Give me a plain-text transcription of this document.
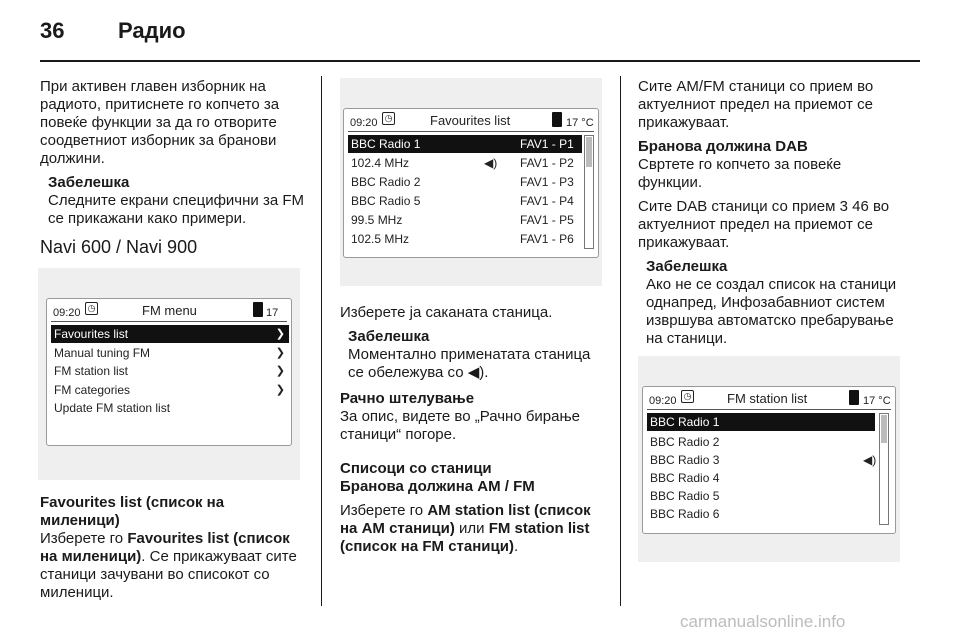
36 Радио

При активен главен изборник на радиото, притиснете го копчето за повеќе функции за да го отворите соодветниот изборник за бранови должини.

Забелешка
Следните екрани специфични за FM се прикажани како примери.
Navi 600 / Navi 900
09:20 ◷	FM menu	17
Favourites list	❯
Manual tuning FM	❯
FM station list	❯
FM categories	❯
Update FM station list
Favourites list (список на миленици)

Изберете го Favourites list (список на миленици). Се прикажуваат сите станици зачувани во списокот со миленици.

09:20 ◷	Favourites list	17 °C
BBC Radio 1	FAV1 - P1
102.4 MHz	◀) FAV1 - P2
BBC Radio 2	FAV1 - P3
BBC Radio 5	FAV1 - P4
99.5 MHz	FAV1 - P5
102.5 MHz	FAV1 - P6

Изберете ја саканата станица.

Забелешка
Моментално применатата станица се обележува со ◀).
Рачно штелување

За опис, видете во „Рачно бирање станици“ погоре.

Списоци со станици
Бранова должина AM / FM

Изберете го AM station list (список на AM станици) или FM station list (список на FM станици).

Сите AM/FM станици со прием во актуелниот предел на приемот се прикажуваат.

Бранова должина DAB

Свртете го копчето за повеќе функции.

Сите DAB станици со прием 3 46 во актуелниот предел на приемот се прикажуваат.

Забелешка
Ако не се создал список на станици однапред, Инфозабавниот систем извршува автоматско пребарување на станици.
09:20 ◷	FM station list	17 °C
BBC Radio 1
BBC Radio 2
BBC Radio 3	◀)
BBC Radio 4
BBC Radio 5
BBC Radio 6
carmanualsonline.info
